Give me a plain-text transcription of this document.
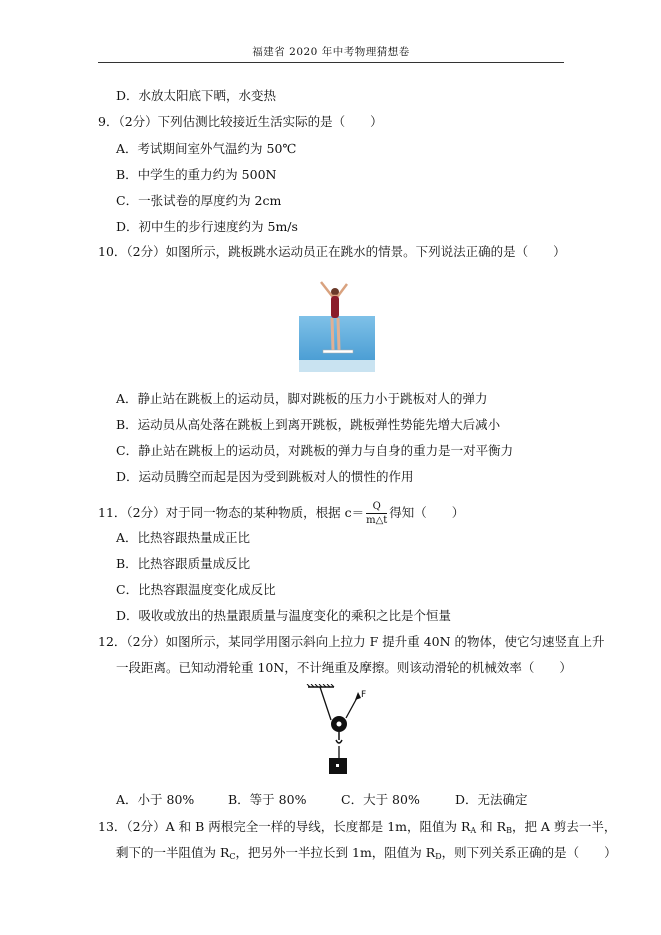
福建省 2020 年中考物理猜想卷
D．水放太阳底下晒，水变热
9．（2分）下列估测比较接近生活实际的是（　　）
A．考试期间室外气温约为 50℃
B．中学生的重力约为 500N
C．一张试卷的厚度约为 2cm
D．初中生的步行速度约为 5m/s
10．（2分）如图所示，跳板跳水运动员正在跳水的情景。下列说法正确的是（　　）
A．静止站在跳板上的运动员，脚对跳板的压力小于跳板对人的弹力
B．运动员从高处落在跳板上到离开跳板，跳板弹性势能先增大后减小
C．静止站在跳板上的运动员，对跳板的弹力与自身的重力是一对平衡力
D．运动员腾空而起是因为受到跳板对人的惯性的作用
11．（2分）对于同一物态的某种物质，根据 $c= \frac{Q}{m\triangle t}$ 得知（　　）
A．比热容跟热量成正比
B．比热容跟质量成反比
C．比热容跟温度变化成反比
D．吸收或放出的热量跟质量与温度变化的乘积之比是个恒量
12．（2分）如图所示，某同学用图示斜向上拉力 F 提升重 40N 的物体，使它匀速竖直上升
一段距离。已知动滑轮重 10N，不计绳重及摩擦。则该动滑轮的机械效率（　　）
F
A．小于 80%	B．等于 80%	C．大于 80%	D．无法确定
13．（2分）A 和 B 两根完全一样的导线，长度都是 1m，阻值为 $R_A$ 和 $R_B$，把 A 剪去一半，
剩下的一半阻值为 $R_C$，把另外一半拉长到 1m，阻值为 $R_D$，则下列关系正确的是（　　）
